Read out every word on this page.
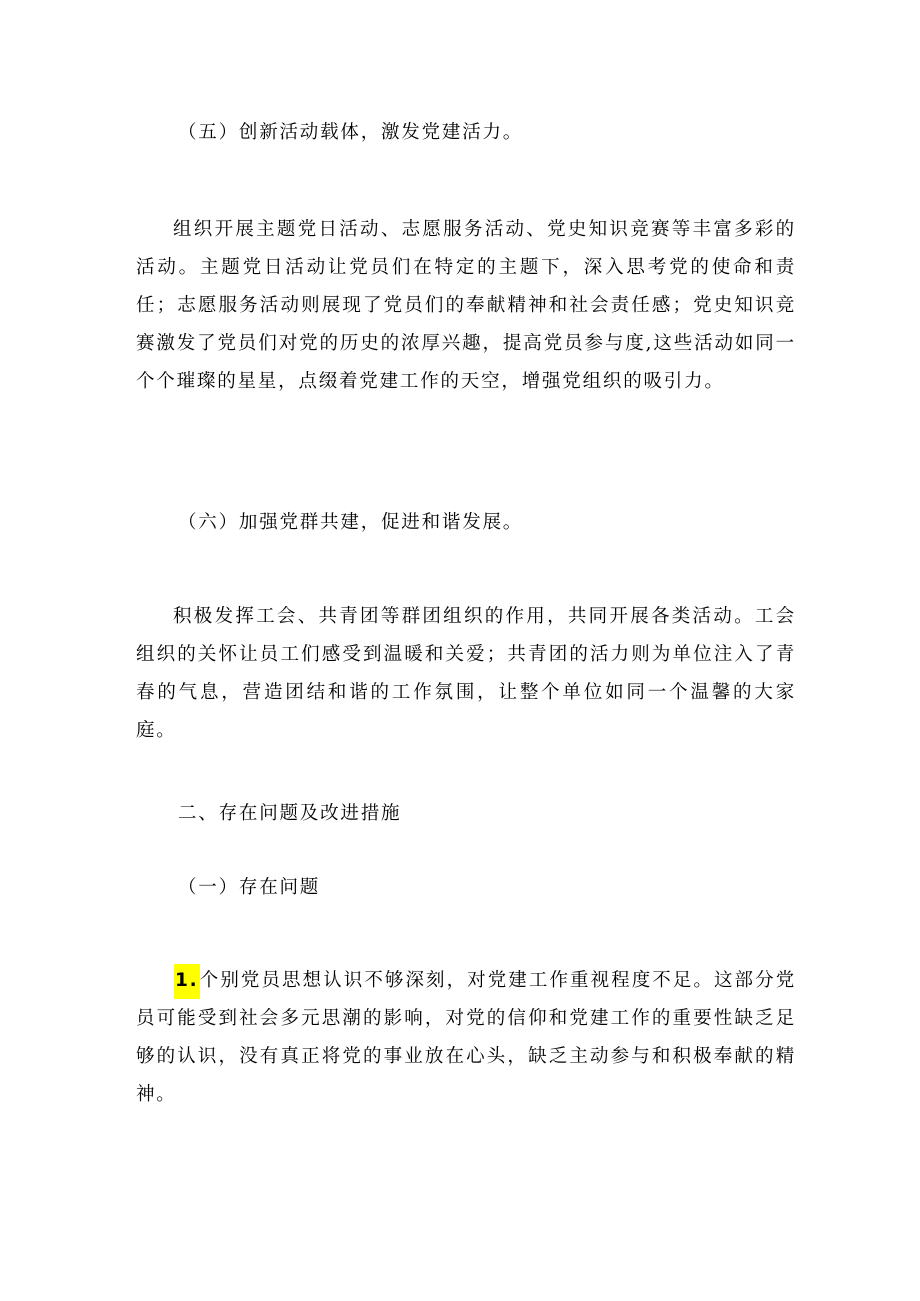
（五）创新活动载体，激发党建活力。

组织开展主题党日活动、志愿服务活动、党史知识竞赛等丰富多彩的活动。主题党日活动让党员们在特定的主题下，深入思考党的使命和责任；志愿服务活动则展现了党员们的奉献精神和社会责任感；党史知识竞赛激发了党员们对党的历史的浓厚兴趣，提高党员参与度,这些活动如同一个个璀璨的星星，点缀着党建工作的天空，增强党组织的吸引力。

（六）加强党群共建，促进和谐发展。

积极发挥工会、共青团等群团组织的作用，共同开展各类活动。工会组织的关怀让员工们感受到温暖和关爱；共青团的活力则为单位注入了青春的气息，营造团结和谐的工作氛围，让整个单位如同一个温馨的大家庭。

二、存在问题及改进措施
（一）存在问题

1.个别党员思想认识不够深刻，对党建工作重视程度不足。这部分党员可能受到社会多元思潮的影响，对党的信仰和党建工作的重要性缺乏足够的认识，没有真正将党的事业放在心头，缺乏主动参与和积极奉献的精神。
